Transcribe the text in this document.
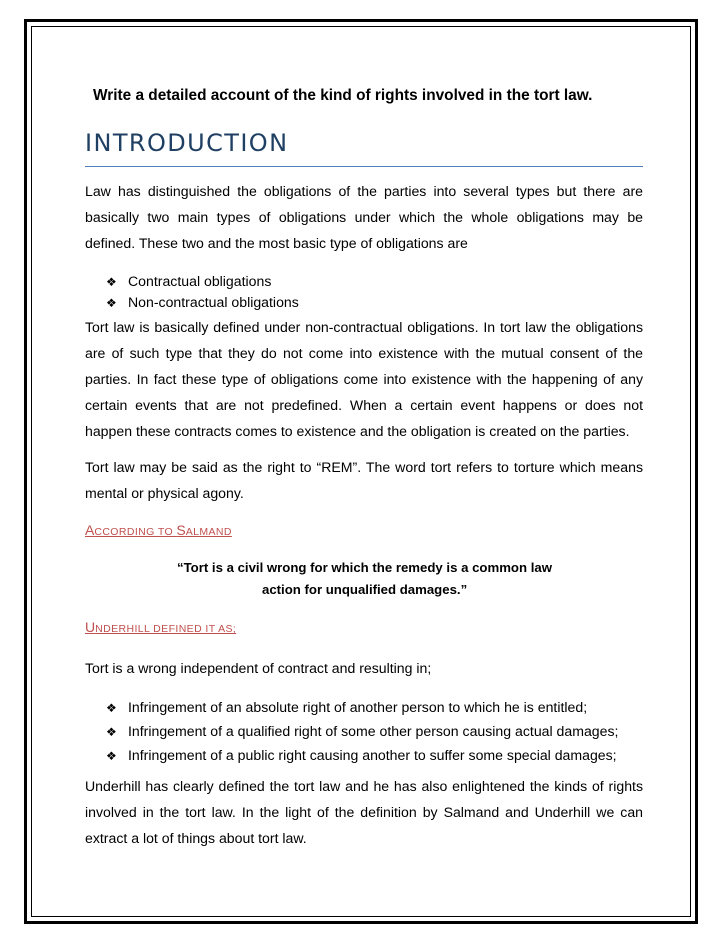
Write a detailed account of the kind of rights involved in the tort law.
INTRODUCTION

Law has distinguished the obligations of the parties into several types but there are
basically two main types of obligations under which the whole obligations may be
defined. These two and the most basic type of obligations are

❖ Contractual obligations
❖ Non-contractual obligations

Tort law is basically defined under non-contractual obligations. In tort law the obligations
are of such type that they do not come into existence with the mutual consent of the
parties. In fact these type of obligations come into existence with the happening of any
certain events that are not predefined. When a certain event happens or does not
happen these contracts comes to existence and the obligation is created on the parties.

Tort law may be said as the right to “REM”. The word tort refers to torture which means
mental or physical agony.

ACCORDING TO SALMAND
“Tort is a civil wrong for which the remedy is a common law
action for unqualified damages.”
UNDERHILL DEFINED IT AS;

Tort is a wrong independent of contract and resulting in;

❖ Infringement of an absolute right of another person to which he is entitled;
❖ Infringement of a qualified right of some other person causing actual damages;
❖ Infringement of a public right causing another to suffer some special damages;

Underhill has clearly defined the tort law and he has also enlightened the kinds of rights
involved in the tort law. In the light of the definition by Salmand and Underhill we can
extract a lot of things about tort law.
